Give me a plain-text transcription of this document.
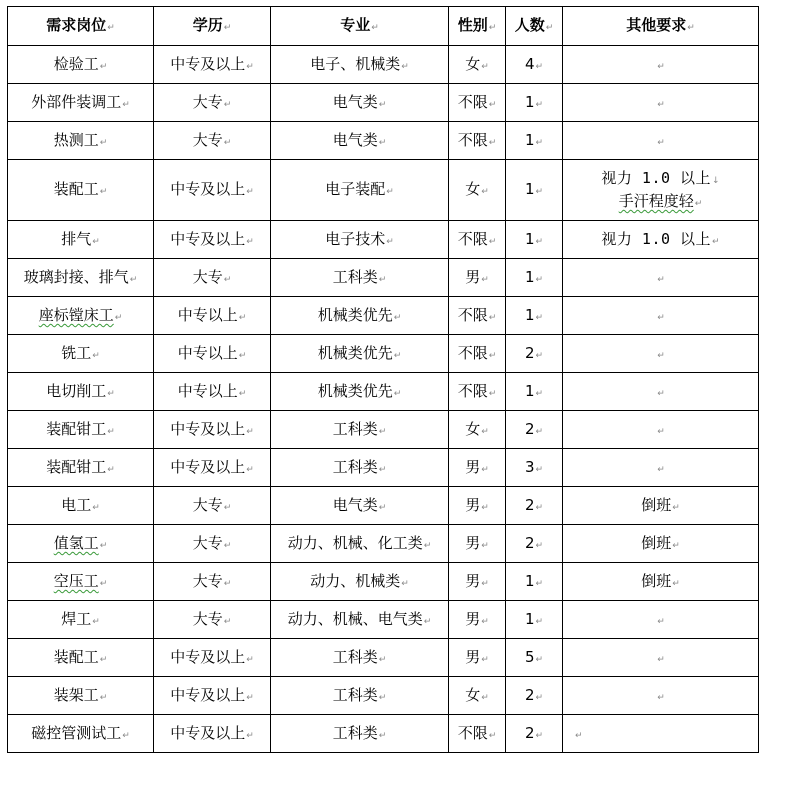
需求岗位↵	学历↵	专业↵	性别↵	人数↵	其他要求↵
检验工↵	中专及以上↵	电子、机械类↵	女↵	4↵	↵
外部件装调工↵	大专↵	电气类↵	不限↵	1↵	↵
热测工↵	大专↵	电气类↵	不限↵	1↵	↵
装配工↵	中专及以上↵	电子装配↵	女↵	1↵	视力 1.0 以上↓
手汗程度轻↵

排气↵	中专及以上↵	电子技术↵	不限↵	1↵	视力 1.0 以上↵

玻璃封接、排气↵	大专↵	工科类↵	男↵	1↵	↵
座标镗床工↵	中专以上↵	机械类优先↵	不限↵	1↵	↵
铣工↵	中专以上↵	机械类优先↵	不限↵	2↵	↵
电切削工↵	中专以上↵	机械类优先↵	不限↵	1↵	↵
装配钳工↵	中专及以上↵	工科类↵	女↵	2↵	↵
装配钳工↵	中专及以上↵	工科类↵	男↵	3↵	↵
电工↵	大专↵	电气类↵	男↵	2↵	倒班↵

值氢工↵	大专↵	动力、机械、化工类↵	男↵	2↵	倒班↵

空压工↵	大专↵	动力、机械类↵	男↵	1↵	倒班↵

焊工↵	大专↵	动力、机械、电气类↵	男↵	1↵	↵
装配工↵	中专及以上↵	工科类↵	男↵	5↵	↵
装架工↵	中专及以上↵	工科类↵	女↵	2↵	↵
磁控管测试工↵	中专及以上↵	工科类↵	不限↵	2↵	↵
